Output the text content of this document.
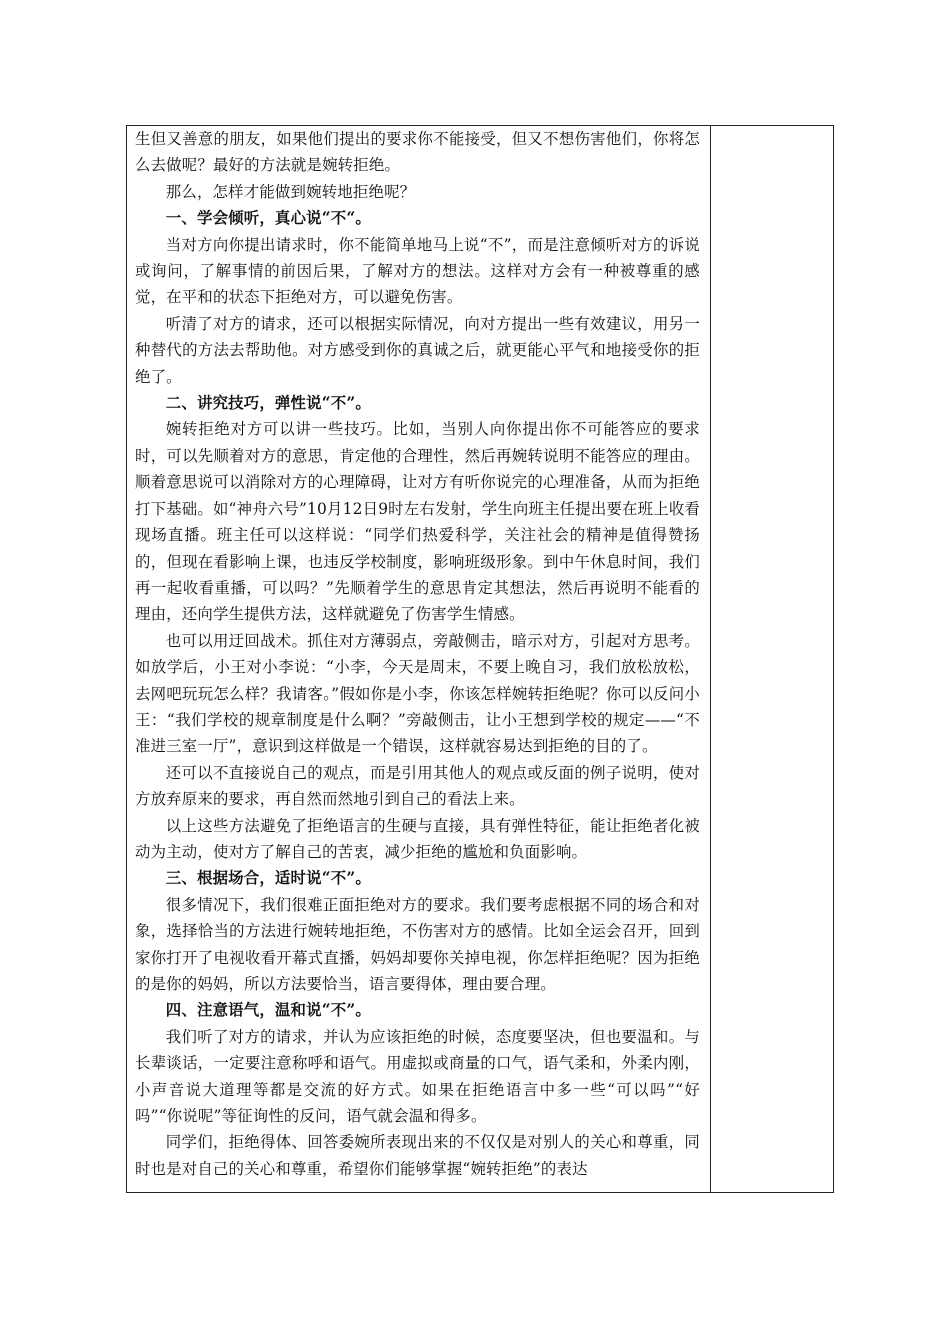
生但又善意的朋友，如果他们提出的要求你不能接受，但又不想伤害他们，你将怎么去做呢？最好的方法就是婉转拒绝。

那么，怎样才能做到婉转地拒绝呢？

一、学会倾听，真心说“不“。

当对方向你提出请求时，你不能简单地马上说“不”，而是注意倾听对方的诉说或询问，了解事情的前因后果，了解对方的想法。这样对方会有一种被尊重的感觉，在平和的状态下拒绝对方，可以避免伤害。

听清了对方的请求，还可以根据实际情况，向对方提出一些有效建议，用另一种替代的方法去帮助他。对方感受到你的真诚之后，就更能心平气和地接受你的拒绝了。

二、讲究技巧，弹性说“不”。

婉转拒绝对方可以讲一些技巧。比如，当别人向你提出你不可能答应的要求时，可以先顺着对方的意思，肯定他的合理性，然后再婉转说明不能答应的理由。顺着意思说可以消除对方的心理障碍，让对方有听你说完的心理准备，从而为拒绝打下基础。如“神舟六号”10月12日9时左右发射，学生向班主任提出要在班上收看现场直播。班主任可以这样说：“同学们热爱科学，关注社会的精神是值得赞扬的，但现在看影响上课，也违反学校制度，影响班级形象。到中午休息时间，我们再一起收看重播，可以吗？”先顺着学生的意思肯定其想法，然后再说明不能看的理由，还向学生提供方法，这样就避免了伤害学生情感。

也可以用迂回战术。抓住对方薄弱点，旁敲侧击，暗示对方，引起对方思考。如放学后，小王对小李说：“小李，今天是周末，不要上晚自习，我们放松放松，去网吧玩玩怎么样？我请客。”假如你是小李，你该怎样婉转拒绝呢？你可以反问小王：“我们学校的规章制度是什么啊？”旁敲侧击，让小王想到学校的规定——“不准进三室一厅”，意识到这样做是一个错误，这样就容易达到拒绝的目的了。

还可以不直接说自己的观点，而是引用其他人的观点或反面的例子说明，使对方放弃原来的要求，再自然而然地引到自己的看法上来。

以上这些方法避免了拒绝语言的生硬与直接，具有弹性特征，能让拒绝者化被动为主动，使对方了解自己的苦衷，减少拒绝的尴尬和负面影响。

三、根据场合，适时说“不”。

很多情况下，我们很难正面拒绝对方的要求。我们要考虑根据不同的场合和对象，选择恰当的方法进行婉转地拒绝，不伤害对方的感情。比如全运会召开，回到家你打开了电视收看开幕式直播，妈妈却要你关掉电视，你怎样拒绝呢？因为拒绝的是你的妈妈，所以方法要恰当，语言要得体，理由要合理。

四、注意语气，温和说“不”。

我们听了对方的请求，并认为应该拒绝的时候，态度要坚决，但也要温和。与长辈谈话，一定要注意称呼和语气。用虚拟或商量的口气，语气柔和，外柔内刚，小声音说大道理等都是交流的好方式。如果在拒绝语言中多一些“可以吗”“好吗”“你说呢”等征询性的反问，语气就会温和得多。

同学们，拒绝得体、回答委婉所表现出来的不仅仅是对别人的关心和尊重，同时也是对自己的关心和尊重，希望你们能够掌握“婉转拒绝”的表达
